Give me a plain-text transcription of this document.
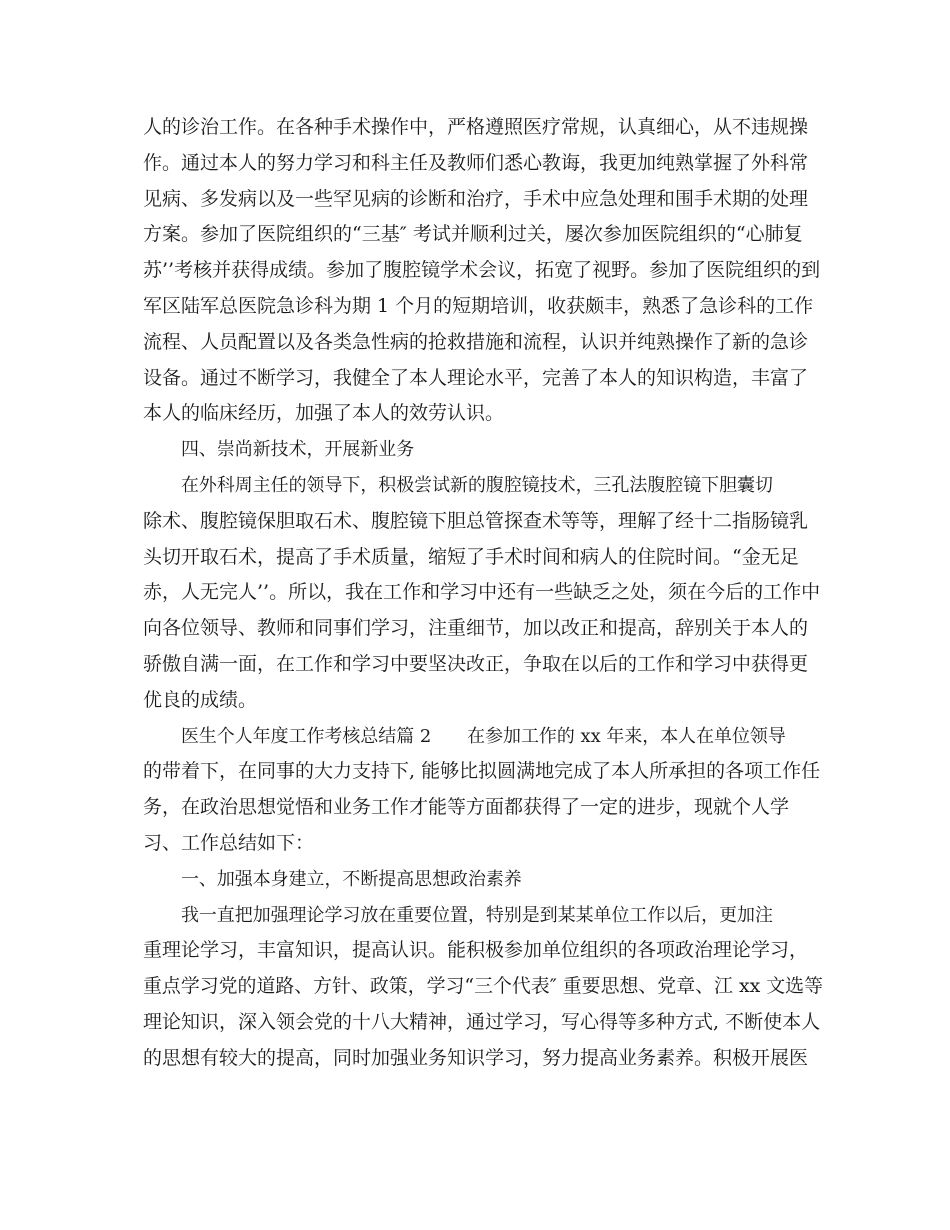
人的诊治工作。在各种手术操作中，严格遵照医疗常规，认真细心，从不违规操
作。通过本人的努力学习和科主任及教师们悉心教诲，我更加纯熟掌握了外科常
见病、多发病以及一些罕见病的诊断和治疗，手术中应急处理和围手术期的处理
方案。参加了医院组织的“三基″ 考试并顺利过关，屡次参加医院组织的“心肺复
苏’’考核并获得成绩。参加了腹腔镜学术会议，拓宽了视野。参加了医院组织的到
军区陆军总医院急诊科为期 1 个月的短期培训，收获颇丰，熟悉了急诊科的工作
流程、人员配置以及各类急性病的抢救措施和流程，认识并纯熟操作了新的急诊
设备。通过不断学习，我健全了本人理论水平，完善了本人的知识构造，丰富了
本人的临床经历，加强了本人的效劳认识。
四、崇尚新技术，开展新业务
在外科周主任的领导下，积极尝试新的腹腔镜技术，三孔法腹腔镜下胆囊切
除术、腹腔镜保胆取石术、腹腔镜下胆总管探查术等等，理解了经十二指肠镜乳
头切开取石术，提高了手术质量，缩短了手术时间和病人的住院时间。“金无足
赤，人无完人’’。所以，我在工作和学习中还有一些缺乏之处，须在今后的工作中
向各位领导、教师和同事们学习，注重细节，加以改正和提高，辞别关于本人的
骄傲自满一面，在工作和学习中要坚决改正，争取在以后的工作和学习中获得更
优良的成绩。
医生个人年度工作考核总结篇 2　　在参加工作的 xx 年来，本人在单位领导
的带着下，在同事的大力支持下, 能够比拟圆满地完成了本人所承担的各项工作任
务，在政治思想觉悟和业务工作才能等方面都获得了一定的进步，现就个人学
习、工作总结如下：
一、加强本身建立，不断提高思想政治素养
我一直把加强理论学习放在重要位置，特别是到某某单位工作以后，更加注
重理论学习，丰富知识，提高认识。能积极参加单位组织的各项政治理论学习，
重点学习党的道路、方针、政策，学习“三个代表″ 重要思想、党章、江 xx 文选等
理论知识，深入领会党的十八大精神，通过学习，写心得等多种方式, 不断使本人
的思想有较大的提高，同时加强业务知识学习，努力提高业务素养。积极开展医
